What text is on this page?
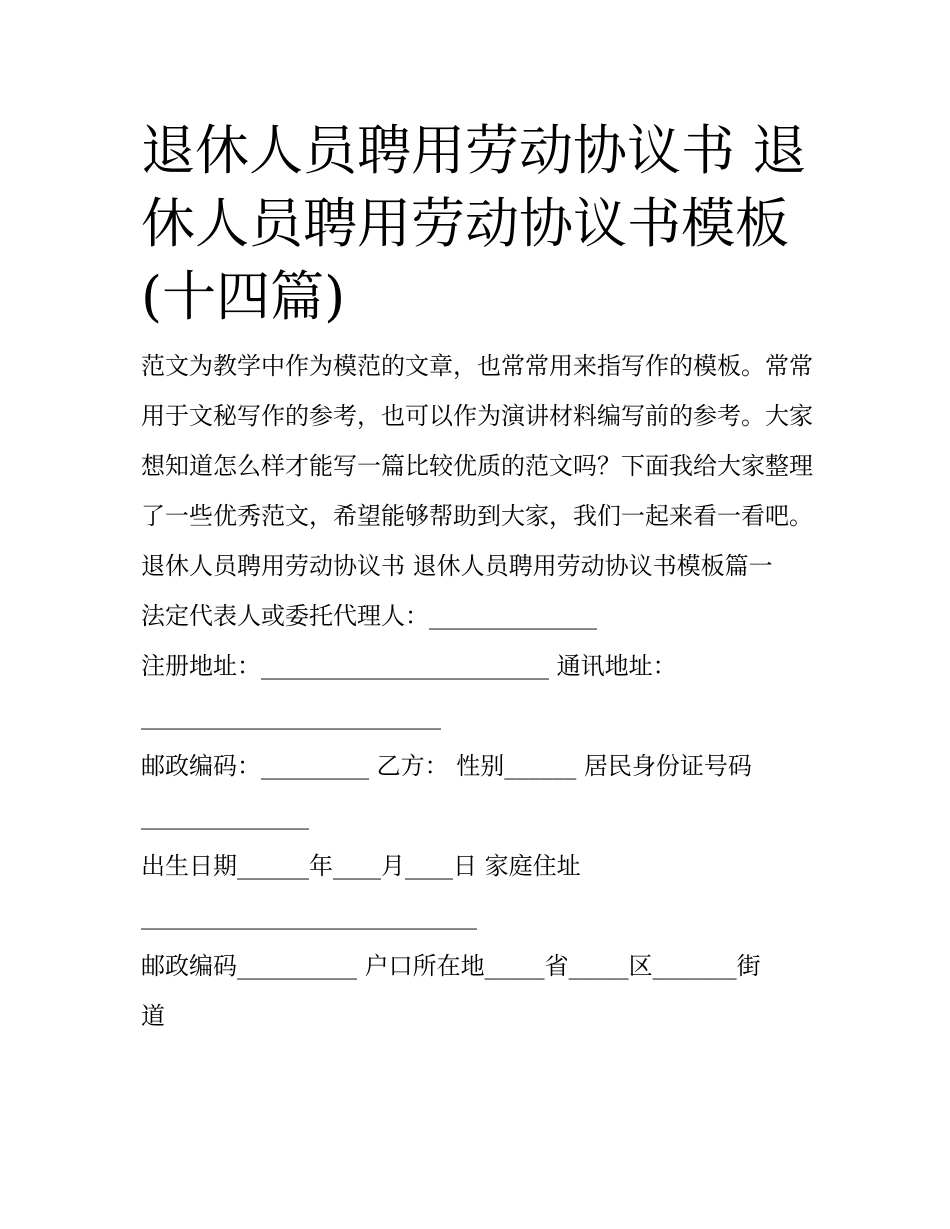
退休人员聘用劳动协议书 退休人员聘用劳动协议书模板(十四篇)

范文为教学中作为模范的文章，也常常用来指写作的模板。常常用于文秘写作的参考，也可以作为演讲材料编写前的参考。大家想知道怎么样才能写一篇比较优质的范文吗？下面我给大家整理了一些优秀范文，希望能够帮助到大家，我们一起来看一看吧。

退休人员聘用劳动协议书 退休人员聘用劳动协议书模板篇一
法定代表人或委托代理人：______________
注册地址：________________________ 通讯地址：
_________________________
邮政编码：_________ 乙方： 性别______ 居民身份证号码
______________
出生日期______年____月____日 家庭住址
____________________________
邮政编码__________ 户口所在地_____省_____区_______街
道
